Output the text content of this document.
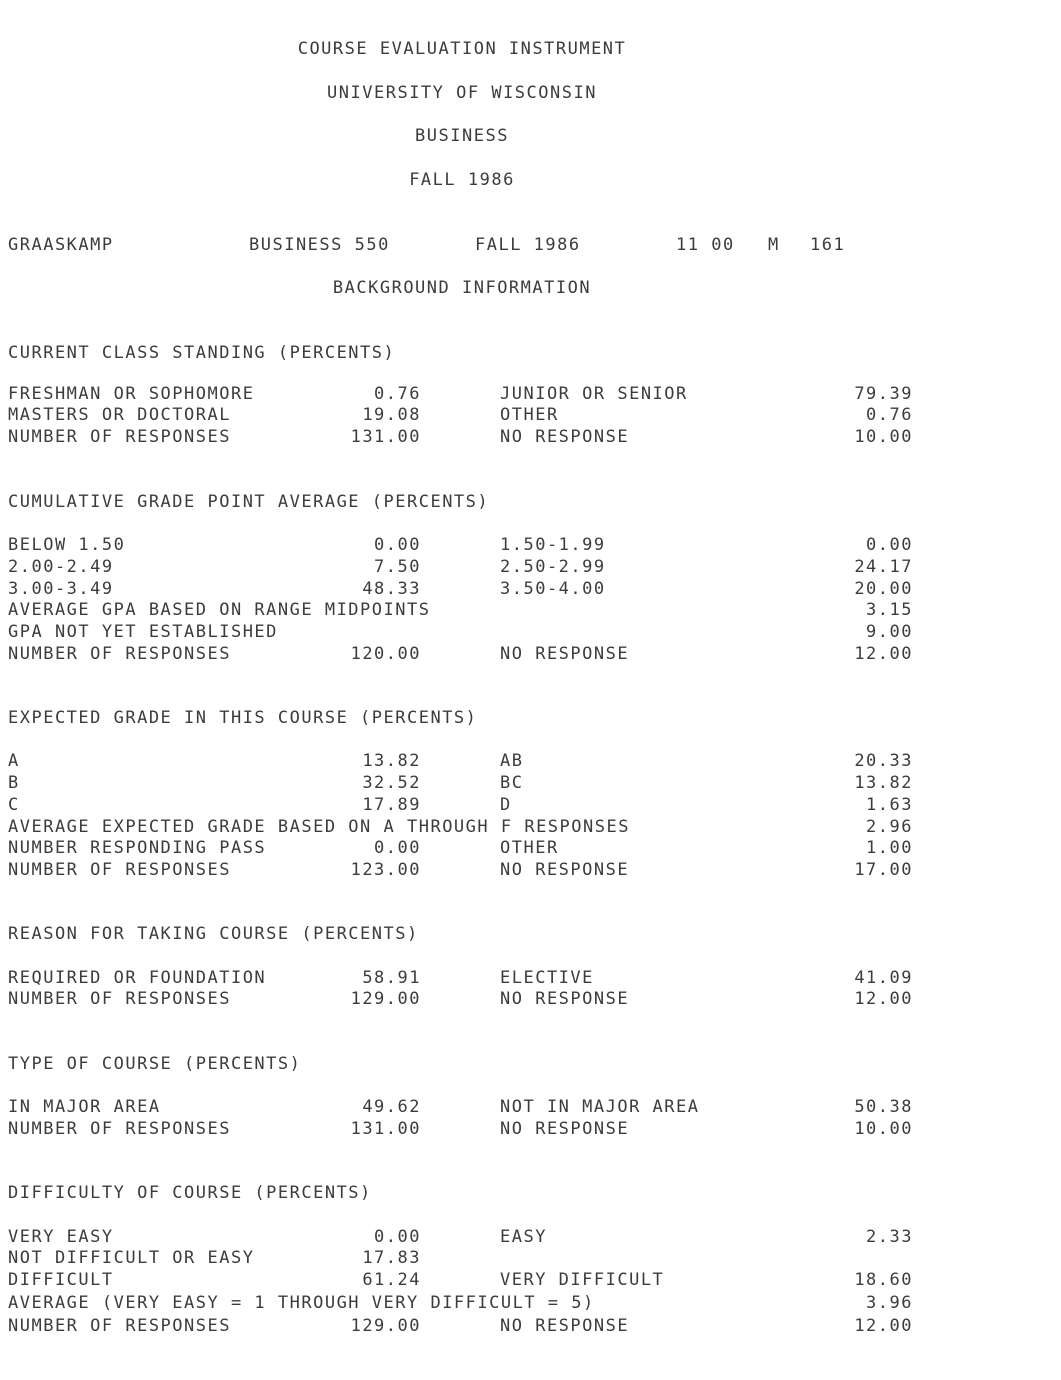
COURSE EVALUATION INSTRUMENT
UNIVERSITY OF WISCONSIN
BUSINESS
FALL 1986
GRAASKAMP	BUSINESS 550	FALL 1986	11 00 M 161
BACKGROUND INFORMATION
CURRENT CLASS STANDING (PERCENTS)
FRESHMAN OR SOPHOMORE	0.76	JUNIOR OR SENIOR	79.39
MASTERS OR DOCTORAL	19.08	OTHER	0.76
NUMBER OF RESPONSES	131.00	NO RESPONSE	10.00
CUMULATIVE GRADE POINT AVERAGE (PERCENTS)
BELOW 1.50	0.00	1.50-1.99	0.00
2.00-2.49	7.50	2.50-2.99	24.17
3.00-3.49	48.33	3.50-4.00	20.00
AVERAGE GPA BASED ON RANGE MIDPOINTS	3.15
GPA NOT YET ESTABLISHED	9.00
NUMBER OF RESPONSES	120.00	NO RESPONSE	12.00
EXPECTED GRADE IN THIS COURSE (PERCENTS)
A	13.82	AB	20.33
B	32.52	BC	13.82
C	17.89	D	1.63
AVERAGE EXPECTED GRADE BASED ON A THROUGH F RESPONSES	2.96
NUMBER RESPONDING PASS	0.00	OTHER	1.00
NUMBER OF RESPONSES	123.00	NO RESPONSE	17.00
REASON FOR TAKING COURSE (PERCENTS)
REQUIRED OR FOUNDATION	58.91	ELECTIVE	41.09
NUMBER OF RESPONSES	129.00	NO RESPONSE	12.00
TYPE OF COURSE (PERCENTS)
IN MAJOR AREA	49.62	NOT IN MAJOR AREA	50.38
NUMBER OF RESPONSES	131.00	NO RESPONSE	10.00
DIFFICULTY OF COURSE (PERCENTS)
VERY EASY	0.00	EASY	2.33
NOT DIFFICULT OR EASY	17.83
DIFFICULT	61.24	VERY DIFFICULT	18.60
AVERAGE (VERY EASY = 1 THROUGH VERY DIFFICULT = 5)	3.96
NUMBER OF RESPONSES	129.00	NO RESPONSE	12.00
